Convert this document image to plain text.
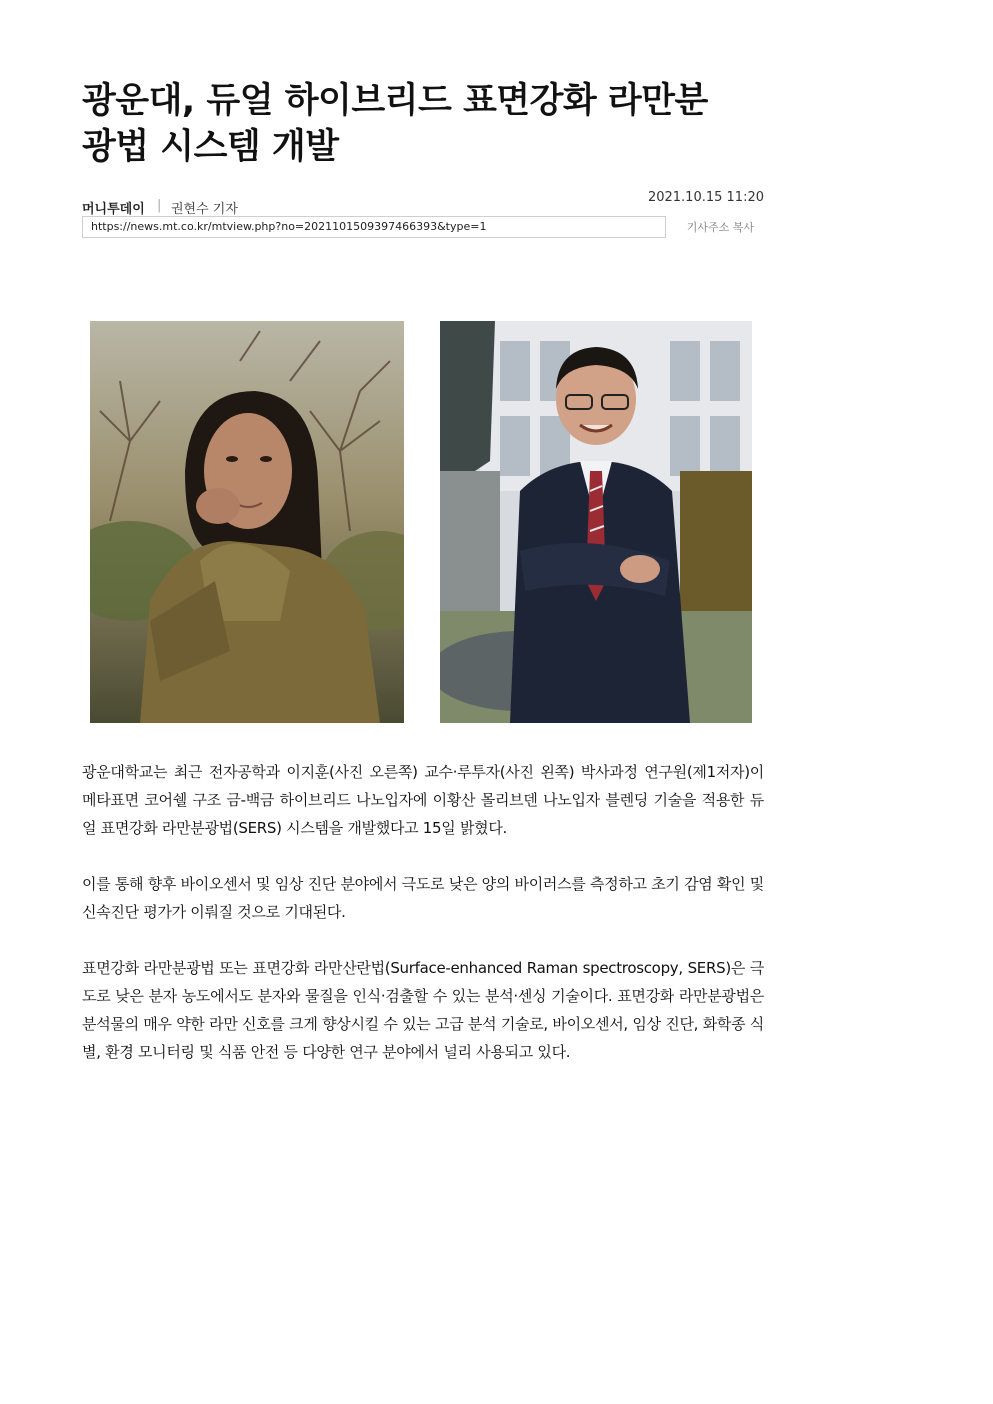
광운대, 듀얼 하이브리드 표면강화 라만분
광법 시스템 개발
머니투데이 | 권현수 기자
2021.10.15 11:20
https://news.mt.co.kr/mtview.php?no=2021101509397466393&type=1	기사주소 복사

광운대학교는 최근 전자공학과 이지훈(사진 오른쪽) 교수·루투자(사진 왼쪽) 박사과정 연구원(제1저자)이 메타표면 코어쉘 구조 금-백금 하이브리드 나노입자에 이황산 몰리브덴 나노입자 블렌딩 기술을 적용한 듀얼 표면강화 라만분광법(SERS) 시스템을 개발했다고 15일 밝혔다.

이를 통해 향후 바이오센서 및 임상 진단 분야에서 극도로 낮은 양의 바이러스를 측정하고 초기 감염 확인 및 신속진단 평가가 이뤄질 것으로 기대된다.

표면강화 라만분광법 또는 표면강화 라만산란법(Surface-enhanced Raman spectroscopy, SERS)은 극도로 낮은 분자 농도에서도 분자와 물질을 인식·검출할 수 있는 분석·센싱 기술이다. 표면강화 라만분광법은 분석물의 매우 약한 라만 신호를 크게 향상시킬 수 있는 고급 분석 기술로, 바이오센서, 임상 진단, 화학종 식별, 환경 모니터링 및 식품 안전 등 다양한 연구 분야에서 널리 사용되고 있다.
